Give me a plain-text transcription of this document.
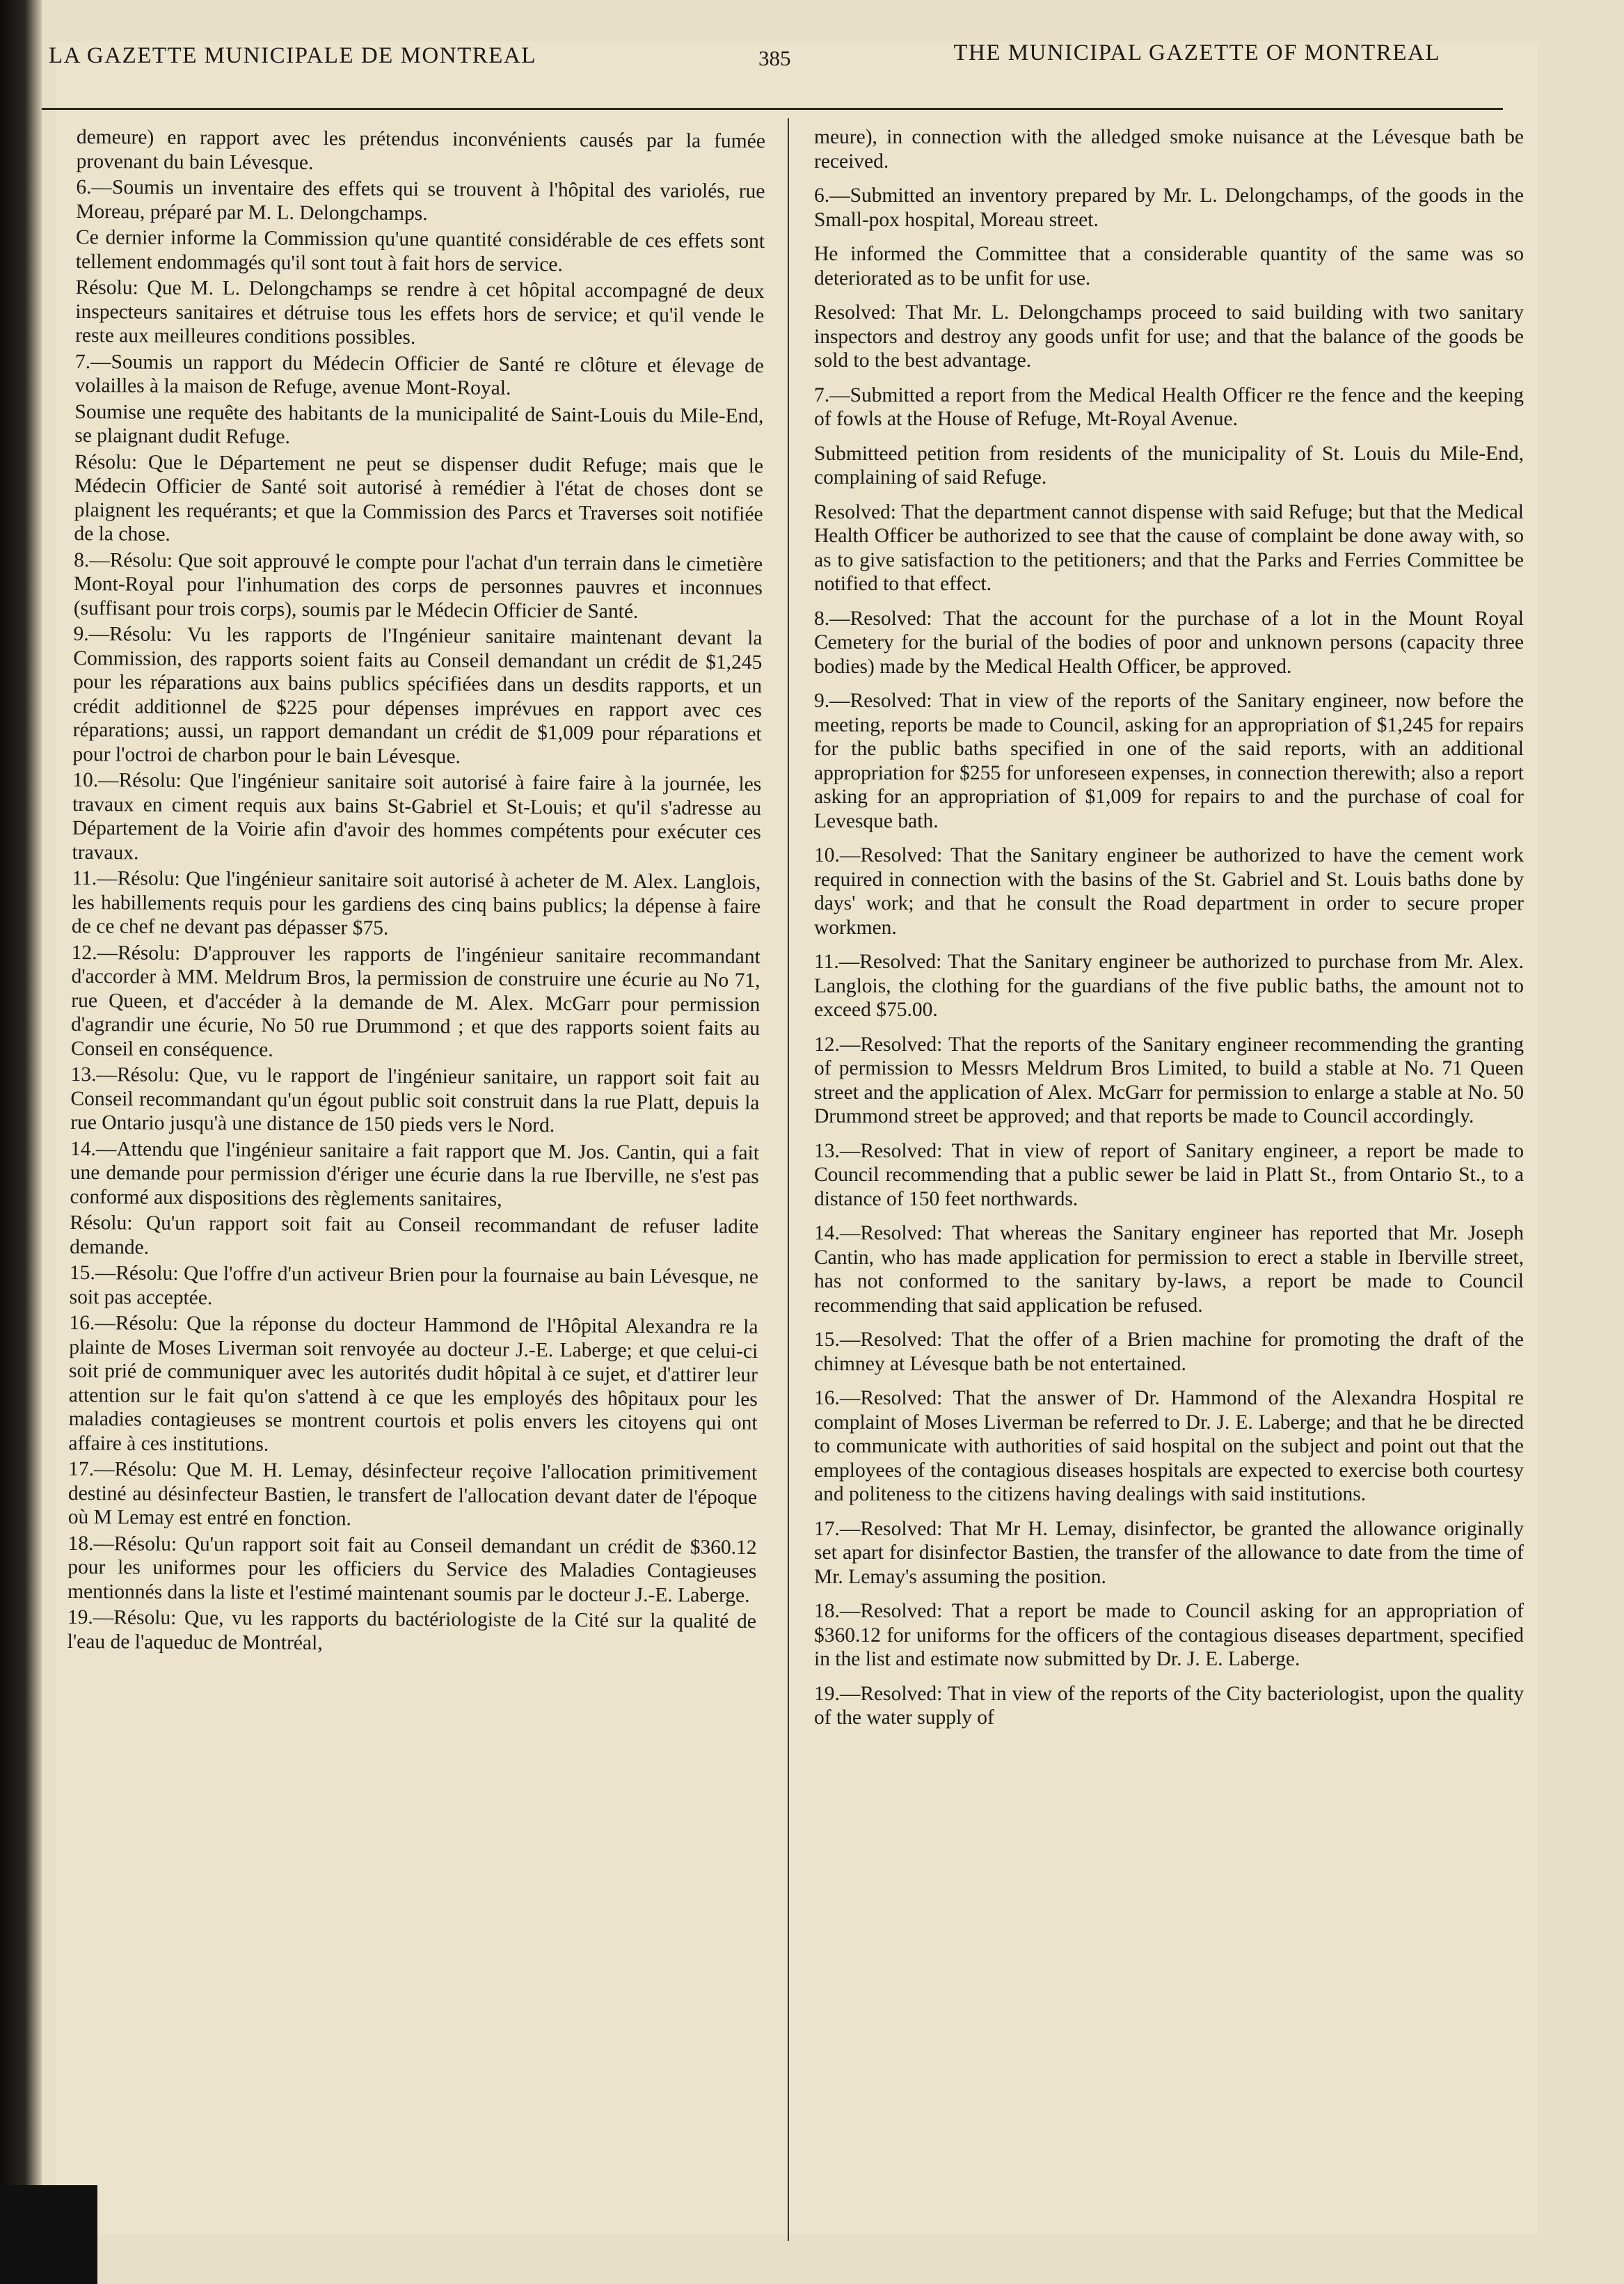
LA GAZETTE MUNICIPALE DE MONTREAL	385	THE MUNICIPAL GAZETTE OF MONTREAL

demeure) en rapport avec les prétendus inconvénients causés par la fumée provenant du bain Lévesque.

6.—Soumis un inventaire des effets qui se trouvent à l'hôpital des variolés, rue Moreau, préparé par M. L. Delongchamps.

Ce dernier informe la Commission qu'une quantité considérable de ces effets sont tellement endommagés qu'il sont tout à fait hors de service.

Résolu: Que M. L. Delongchamps se rendre à cet hôpital accompagné de deux inspecteurs sanitaires et détruise tous les effets hors de service; et qu'il vende le reste aux meilleures conditions possibles.

7.—Soumis un rapport du Médecin Officier de Santé re clôture et élevage de volailles à la maison de Refuge, avenue Mont-Royal.

Soumise une requête des habitants de la municipalité de Saint-Louis du Mile-End, se plaignant dudit Refuge.

Résolu: Que le Département ne peut se dispenser dudit Refuge; mais que le Médecin Officier de Santé soit autorisé à remédier à l'état de choses dont se plaignent les requérants; et que la Commission des Parcs et Traverses soit notifiée de la chose.

8.—Résolu: Que soit approuvé le compte pour l'achat d'un terrain dans le cimetière Mont-Royal pour l'inhumation des corps de personnes pauvres et inconnues (suffisant pour trois corps), soumis par le Médecin Officier de Santé.

9.—Résolu: Vu les rapports de l'Ingénieur sanitaire maintenant devant la Commission, des rapports soient faits au Conseil demandant un crédit de $1,245 pour les réparations aux bains publics spécifiées dans un desdits rapports, et un crédit additionnel de $225 pour dépenses imprévues en rapport avec ces réparations; aussi, un rapport demandant un crédit de $1,009 pour réparations et pour l'octroi de charbon pour le bain Lévesque.

10.—Résolu: Que l'ingénieur sanitaire soit autorisé à faire faire à la journée, les travaux en ciment requis aux bains St-Gabriel et St-Louis; et qu'il s'adresse au Département de la Voirie afin d'avoir des hommes compétents pour exécuter ces travaux.

11.—Résolu: Que l'ingénieur sanitaire soit autorisé à acheter de M. Alex. Langlois, les habillements requis pour les gardiens des cinq bains publics; la dépense à faire de ce chef ne devant pas dépasser $75.

12.—Résolu: D'approuver les rapports de l'ingénieur sanitaire recommandant d'accorder à MM. Meldrum Bros, la permission de construire une écurie au No 71, rue Queen, et d'accéder à la demande de M. Alex. McGarr pour permission d'agrandir une écurie, No 50 rue Drummond ; et que des rapports soient faits au Conseil en conséquence.

13.—Résolu: Que, vu le rapport de l'ingénieur sanitaire, un rapport soit fait au Conseil recommandant qu'un égout public soit construit dans la rue Platt, depuis la rue Ontario jusqu'à une distance de 150 pieds vers le Nord.

14.—Attendu que l'ingénieur sanitaire a fait rapport que M. Jos. Cantin, qui a fait une demande pour permission d'ériger une écurie dans la rue Iberville, ne s'est pas conformé aux dispositions des règlements sanitaires,

Résolu: Qu'un rapport soit fait au Conseil recommandant de refuser ladite demande.

15.—Résolu: Que l'offre d'un activeur Brien pour la fournaise au bain Lévesque, ne soit pas acceptée.

16.—Résolu: Que la réponse du docteur Hammond de l'Hôpital Alexandra re la plainte de Moses Liverman soit renvoyée au docteur J.-E. Laberge; et que celui-ci soit prié de communiquer avec les autorités dudit hôpital à ce sujet, et d'attirer leur attention sur le fait qu'on s'attend à ce que les employés des hôpitaux pour les maladies contagieuses se montrent courtois et polis envers les citoyens qui ont affaire à ces institutions.

17.—Résolu: Que M. H. Lemay, désinfecteur reçoive l'allocation primitivement destiné au désinfecteur Bastien, le transfert de l'allocation devant dater de l'époque où M Lemay est entré en fonction.

18.—Résolu: Qu'un rapport soit fait au Conseil demandant un crédit de $360.12 pour les uniformes pour les officiers du Service des Maladies Contagieuses mentionnés dans la liste et l'estimé maintenant soumis par le docteur J.-E. Laberge.

19.—Résolu: Que, vu les rapports du bactériologiste de la Cité sur la qualité de l'eau de l'aqueduc de Montréal,

meure), in connection with the alledged smoke nuisance at the Lévesque bath be received.

6.—Submitted an inventory prepared by Mr. L. Delongchamps, of the goods in the Small-pox hospital, Moreau street.

He informed the Committee that a considerable quantity of the same was so deteriorated as to be unfit for use.

Resolved: That Mr. L. Delongchamps proceed to said building with two sanitary inspectors and destroy any goods unfit for use; and that the balance of the goods be sold to the best advantage.

7.—Submitted a report from the Medical Health Officer re the fence and the keeping of fowls at the House of Refuge, Mt-Royal Avenue.

Submitteed petition from residents of the municipality of St. Louis du Mile-End, complaining of said Refuge.

Resolved: That the department cannot dispense with said Refuge; but that the Medical Health Officer be authorized to see that the cause of complaint be done away with, so as to give satisfaction to the petitioners; and that the Parks and Ferries Committee be notified to that effect.

8.—Resolved: That the account for the purchase of a lot in the Mount Royal Cemetery for the burial of the bodies of poor and unknown persons (capacity three bodies) made by the Medical Health Officer, be approved.

9.—Resolved: That in view of the reports of the Sanitary engineer, now before the meeting, reports be made to Council, asking for an appropriation of $1,245 for repairs for the public baths specified in one of the said reports, with an additional appropriation for $255 for unforeseen expenses, in connection therewith; also a report asking for an appropriation of $1,009 for repairs to and the purchase of coal for Levesque bath.

10.—Resolved: That the Sanitary engineer be authorized to have the cement work required in connection with the basins of the St. Gabriel and St. Louis baths done by days' work; and that he consult the Road department in order to secure proper workmen.

11.—Resolved: That the Sanitary engineer be authorized to purchase from Mr. Alex. Langlois, the clothing for the guardians of the five public baths, the amount not to exceed $75.00.

12.—Resolved: That the reports of the Sanitary engineer recommending the granting of permission to Messrs Meldrum Bros Limited, to build a stable at No. 71 Queen street and the application of Alex. McGarr for permission to enlarge a stable at No. 50 Drummond street be approved; and that reports be made to Council accordingly.

13.—Resolved: That in view of report of Sanitary engineer, a report be made to Council recommending that a public sewer be laid in Platt St., from Ontario St., to a distance of 150 feet northwards.

14.—Resolved: That whereas the Sanitary engineer has reported that Mr. Joseph Cantin, who has made application for permission to erect a stable in Iberville street, has not conformed to the sanitary by-laws, a report be made to Council recommending that said application be refused.

15.—Resolved: That the offer of a Brien machine for promoting the draft of the chimney at Lévesque bath be not entertained.

16.—Resolved: That the answer of Dr. Hammond of the Alexandra Hospital re complaint of Moses Liverman be referred to Dr. J. E. Laberge; and that he be directed to communicate with authorities of said hospital on the subject and point out that the employees of the contagious diseases hospitals are expected to exercise both courtesy and politeness to the citizens having dealings with said institutions.

17.—Resolved: That Mr H. Lemay, disinfector, be granted the allowance originally set apart for disinfector Bastien, the transfer of the allowance to date from the time of Mr. Lemay's assuming the position.

18.—Resolved: That a report be made to Council asking for an appropriation of $360.12 for uniforms for the officers of the contagious diseases department, specified in the list and estimate now submitted by Dr. J. E. Laberge.

19.—Resolved: That in view of the reports of the City bacteriologist, upon the quality of the water supply of
